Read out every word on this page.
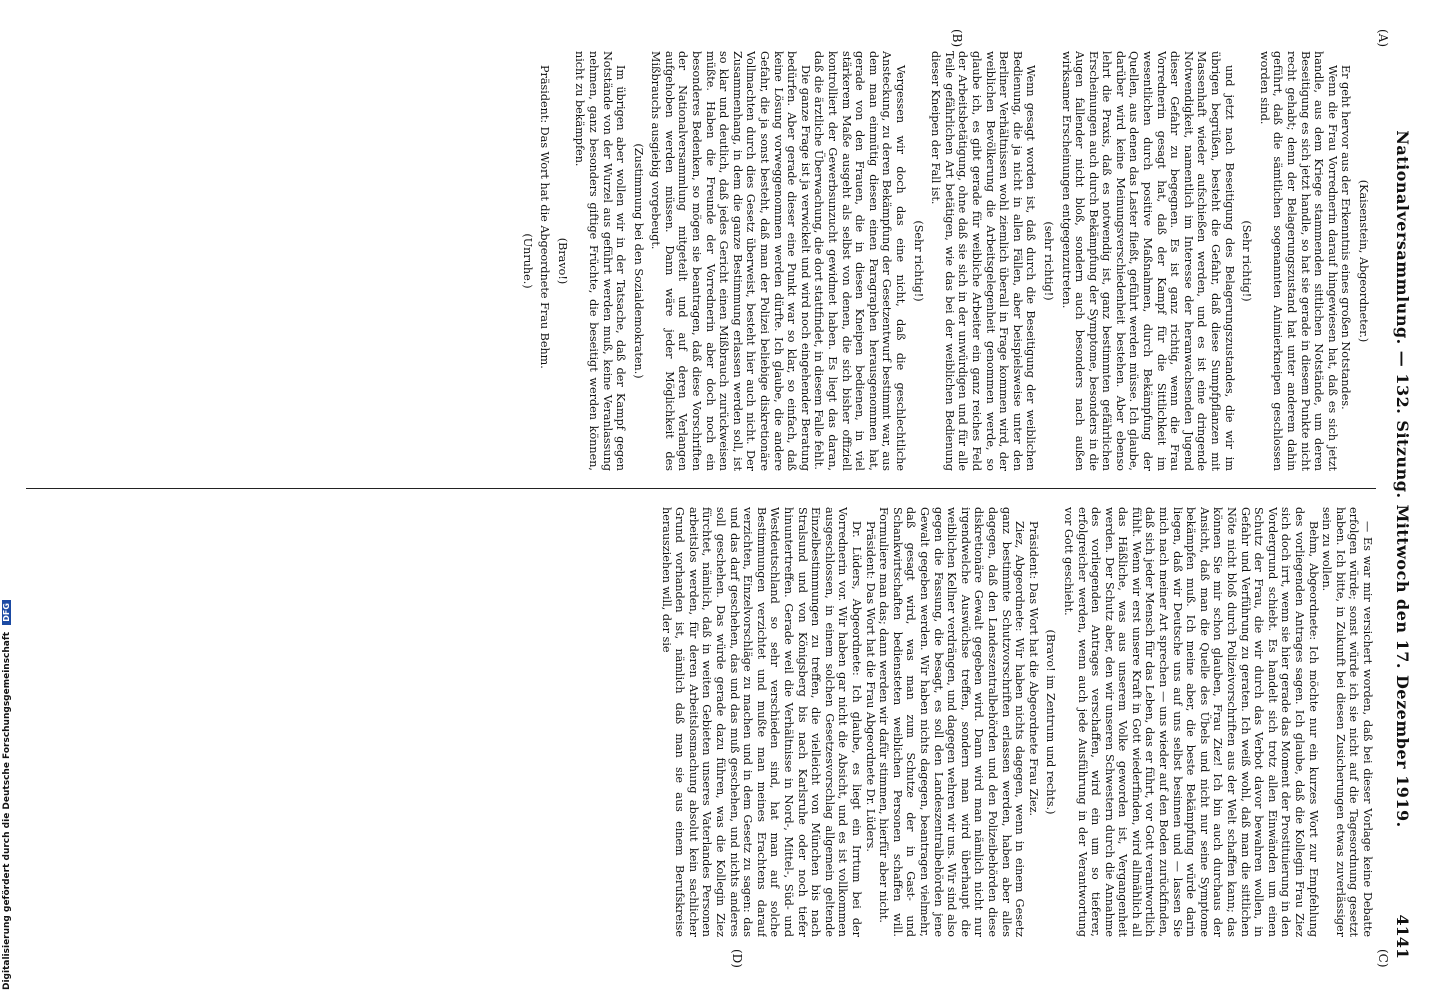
Nationalversammlung. — 132. Sitzung. Mittwoch den 17. Dezember 1919.
4141
(A)
(B)
(C)
(D)

(Kaisenstein, Abgeordneter.)

Er geht hervor aus der Erkenntnis eines großen Notstandes.

Wenn die Frau Vorrednerin darauf hingewiesen hat, daß es sich jetzt handle, aus dem Kriege stammenden sittlichen Notstände, um deren Beseitigung es sich jetzt handle, so hat sie gerade in diesem Punkte nicht recht gehabt; denn der Belagerungszustand hat unter anderem dahin geführt, daß die sämtlichen sogenannten Animierkneipen geschlossen worden sind.

(Sehr richtig!)

und jetzt nach Beseitigung des Belagerungszustandes, die wir im übrigen begrüßen, besteht die Gefahr, daß diese Sumpfpflanzen mit Massenhaft wieder aufschießen werden, und es ist eine dringende Notwendigkeit, namentlich im Interesse der heranwachsenden Jugend dieser Gefahr zu begegnen. Es ist ganz richtig, wenn die Frau Vorrednerin gesagt hat, daß der Kampf für die Sittlichkeit im wesentlichen durch positive Maßnahmen, durch Bekämpfung der Quellen, aus denen das Laster fließt, geführt werden müsse. Ich glaube, darüber wird keine Meinungsverschiedenheit bestehen. Aber ebenso lehrt die Praxis, daß es notwendig ist, ganz bestimmten gefährlichen Erscheinungen auch durch Bekämpfung der Symptome, besonders in die Augen fallender nicht bloß, sondern auch besonders nach außen wirksamer Erscheinungen entgegenzutreten.

(sehr richtig!)

Wenn gesagt worden ist, daß durch die Beseitigung der weiblichen Bedienung, die ja nicht in allen Fällen, aber beispielsweise unter den Berliner Verhältnissen wohl ziemlich überall in Frage kommen wird, der weiblichen Bevölkerung die Arbeitsgelegenheit genommen werde, so glaube ich, es gibt gerade für weibliche Arbeiter ein ganz reiches Feld der Arbeitsbetätigung, ohne daß sie sich in der unwürdigen und für alle Teile gefährlichen Art betätigen, wie das bei der weiblichen Bedienung dieser Kneipen der Fall ist.

(Sehr richtig!)

Vergessen wir doch das eine nicht, daß die geschlechtliche Ansteckung, zu deren Bekämpfung der Gesetzentwurf bestimmt war, aus dem man einmütig diesen einen Paragraphen herausgenommen hat, gerade von den Frauen, die in diesen Kneipen bedienen, in viel stärkerem Maße ausgeht als selbst von denen, die sich bisher offiziell kontrolliert der Gewerbsunzucht gewidmet haben. Es liegt das daran, daß die ärztliche Überwachung, die dort stattfindet, in diesem Falle fehlt.

Die ganze Frage ist ja verwickelt und wird noch eingehender Beratung bedürfen. Aber gerade dieser eine Punkt war so klar, so einfach, daß keine Lösung vorweggenommen werden dürfte. Ich glaube, die andere Gefahr, die ja sonst besteht, daß man der Polizei beliebige diskretionäre Vollmachten durch dies Gesetz überweist, besteht hier auch nicht. Der Zusammenhang, in dem die ganze Bestimmung erlassen werden soll, ist so klar und deutlich, daß jedes Gericht einen Mißbrauch zurückweisen müßte. Haben die Freunde der Vorrednerin aber doch noch ein besonderes Bedenken, so mögen sie beantragen, daß diese Vorschriften der Nationalversammlung mitgeteilt und auf deren Verlangen aufgehoben werden müssen. Dann wäre jeder Möglichkeit des Mißbrauchs ausgiebig vorgebeugt.

(Zustimmung bei den Sozialdemokraten.)

Im übrigen aber wollen wir in der Tatsache, daß der Kampf gegen Notstände von der Wurzel aus geführt werden muß, keine Veranlassung nehmen, ganz besonders giftige Früchte, die beseitigt werden können, nicht zu bekämpfen.

(Bravo!)

Präsident: Das Wort hat die Abgeordnete Frau Behm.

(Unruhe.)

— Es war mir versichert worden, daß bei dieser Vorlage keine Debatte erfolgen würde; sonst würde ich sie nicht auf die Tagesordnung gesetzt haben. Ich bitte, in Zukunft bei diesen Zusicherungen etwas zuverlässiger sein zu wollen.

Behm, Abgeordnete: Ich möchte nur ein kurzes Wort zur Empfehlung des vorliegenden Antrages sagen. Ich glaube, daß die Kollegin Frau Ziez sich doch irrt, wenn sie hier gerade das Moment der Prostituierung in den Vordergrund schiebt. Es handelt sich trotz allen Einwänden um einen Schutz der Frau, die wir durch das Verbot davor bewahren wollen, in Gefahr und Verführung zu geraten. Ich weiß wohl, daß man die sittlichen Nöte nicht bloß durch Polizeivorschriften aus der Welt schaffen kann; das können Sie mir schon glauben, Frau Ziez! Ich bin auch durchaus der Ansicht, daß man die Quelle des Übels und nicht nur seine Symptome bekämpfen muß. Ich meine aber, die beste Bekämpfung würde darin liegen, daß wir Deutsche uns auf uns selbst besinnen und — lassen Sie mich nach meiner Art sprechen — uns wieder auf den Boden zurückfinden, daß sich jeder Mensch für das Leben, das er führt, vor Gott verantwortlich fühlt. Wenn wir erst unsere Kraft in Gott wiederfinden, wird allmählich all das Häßliche, was aus unserem Volke geworden ist, Vergangenheit werden. Der Schutz aber, den wir unseren Schwestern durch die Annahme des vorliegenden Antrages verschaffen, wird ein um so tieferer, erfolgreicher werden, wenn auch jede Ausführung in der Verantwortung vor Gott geschieht.

(Bravo! im Zentrum und rechts.)

Präsident: Das Wort hat die Abgeordnete Frau Ziez.

Ziez, Abgeordnete: Wir haben nichts dagegen, wenn in einem Gesetz ganz bestimmte Schutzvorschriften erlassen werden, haben aber alles dagegen, daß den Landeszentralbehörden und den Polizeibehörden diese diskretionäre Gewalt gegeben wird. Dann wird man nämlich nicht nur irgendwelche Auswüchse treffen, sondern man wird überhaupt die weiblichen Kellner verdrängen, und dagegen wehren wir uns. Wir sind also gegen die Fassung, die besagt, es soll den Landeszentralbehörden jene Gewalt gegeben werden. Wir haben nichts dagegen, beantragen vielmehr, daß gesagt wird, was man zum Schutze der in Gast- und Schankwirtschaften bediensteten weiblichen Personen schaffen will. Formuliere man das; dann werden wir dafür stimmen, hierfür aber nicht.

Präsident: Das Wort hat die Frau Abgeordnete Dr. Lüders.

Dr. Lüders, Abgeordnete: Ich glaube, es liegt ein Irrtum bei der Vorrednerin vor. Wir haben gar nicht die Absicht, und es ist vollkommen ausgeschlossen, in einem solchen Gesetzesvorschlag allgemein geltende Einzelbestimmungen zu treffen, die vielleicht von München bis nach Stralsund und von Königsberg bis nach Karlsruhe oder noch tiefer hinuntertreffen. Gerade weil die Verhältnisse in Nord-, Mittel-, Süd- und Westdeutschland so sehr verschieden sind, hat man auf solche Bestimmungen verzichtet und mußte man meines Erachtens darauf verzichten, Einzelvorschläge zu machen und in dem Gesetz zu sagen: das und das darf geschehen, das und das muß geschehen, und nichts anderes soll geschehen. Das würde gerade dazu führen, was die Kollegin Ziez fürchtet, nämlich, daß in weiten Gebieten unseres Vaterlandes Personen arbeitslos werden, für deren Arbeitslosmachung absolut kein sachlicher Grund vorhanden ist, nämlich daß man sie aus einem Berufskreise herausziehen will, der sie

Digitalisierung gefördert durch die Deutsche Forschungsgemeinschaft DFG
